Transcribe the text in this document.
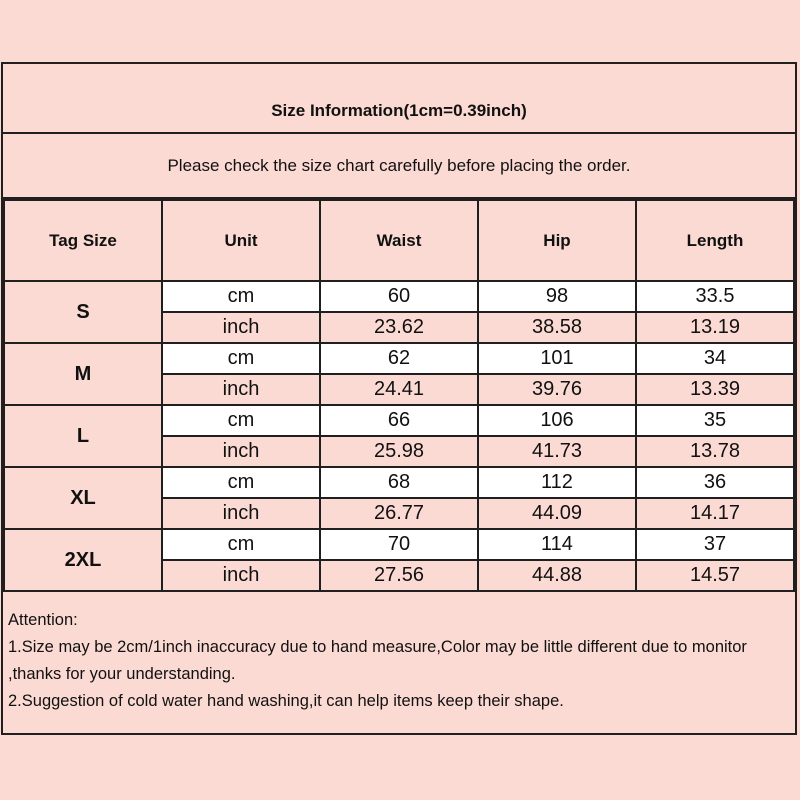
Size Information(1cm=0.39inch)
Please check the size chart carefully before placing the order.
Tag Size	Unit	Waist	Hip	Length
S	cm	60	98	33.5
	inch	23.62	38.58	13.19
M	cm	62	101	34
	inch	24.41	39.76	13.39
L	cm	66	106	35
	inch	25.98	41.73	13.78
XL	cm	68	112	36
	inch	26.77	44.09	14.17
2XL	cm	70	114	37
	inch	27.56	44.88	14.57
Attention:
1.Size may be 2cm/1inch inaccuracy due to hand measure,Color may be little different due to monitor
,thanks for your understanding.
2.Suggestion of cold water hand washing,it can help items keep their shape.
